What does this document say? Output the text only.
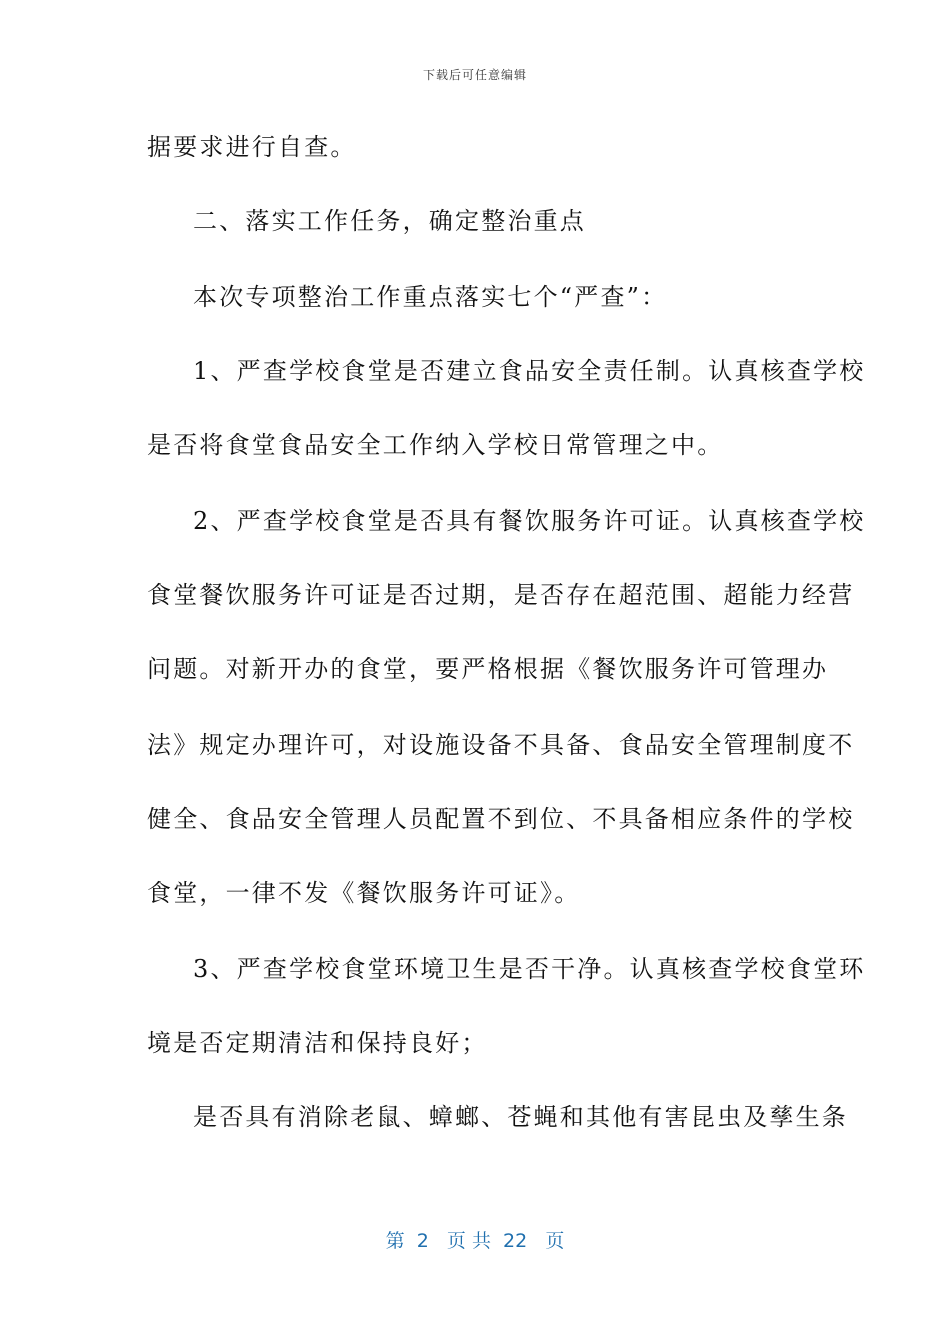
下载后可任意编辑
据要求进行自查。
二、落实工作任务，确定整治重点
本次专项整治工作重点落实七个“严查”：
1、严查学校食堂是否建立食品安全责任制。认真核查学校
是否将食堂食品安全工作纳入学校日常管理之中。
2、严查学校食堂是否具有餐饮服务许可证。认真核查学校
食堂餐饮服务许可证是否过期，是否存在超范围、超能力经营
问题。对新开办的食堂，要严格根据《餐饮服务许可管理办
法》规定办理许可，对设施设备不具备、食品安全管理制度不
健全、食品安全管理人员配置不到位、不具备相应条件的学校
食堂，一律不发《餐饮服务许可证》。
3、严查学校食堂环境卫生是否干净。认真核查学校食堂环
境是否定期清洁和保持良好；
是否具有消除老鼠、蟑螂、苍蝇和其他有害昆虫及孳生条
第  2   页 共  22   页
